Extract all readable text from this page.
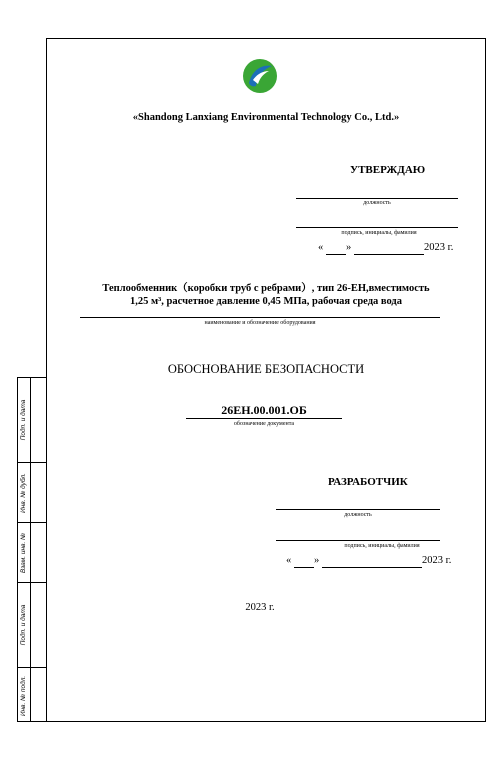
Подп. и дата
Инв. № дубл.
Взам. инв. №
Подп. и дата
Инв. № подл.
«Shandong Lanxiang Environmental Technology Co., Ltd.»
УТВЕРЖДАЮ
должность
подпись, инициалы, фамилия
« »	2023 г.
Теплообменник（коробки труб с ребрами）, тип 26-EH,вместимость
1,25 м³, расчетное давление 0,45 МПа, рабочая среда вода
наименование и обозначение оборудования
ОБОСНОВАНИЕ БЕЗОПАСНОСТИ
26ЕН.00.001.ОБ
обозначение документа
РАЗРАБОТЧИК
должность
подпись, инициалы, фамилия
« »	2023 г.
2023 г.
